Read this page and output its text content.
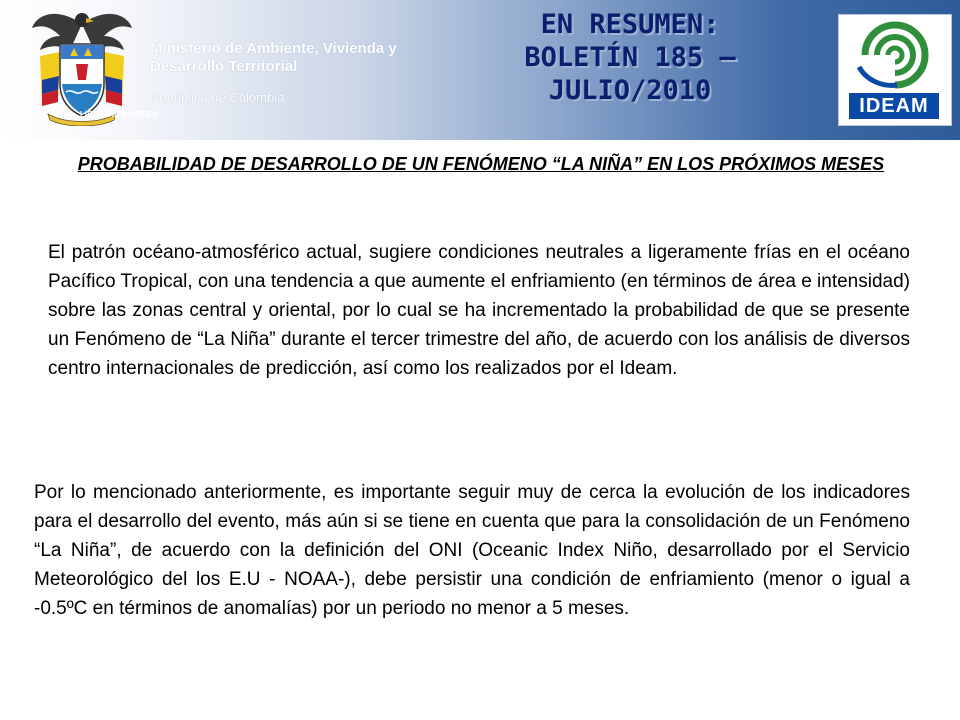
LIBERTAD Y ORDEN
Ministerio de Ambiente, Vivienda y Desarrollo Territorial
República de Colombia
EN RESUMEN:
BOLETÍN 185 –
JULIO/2010	IDEAM
PROBABILIDAD DE DESARROLLO DE UN FENÓMENO “LA NIÑA” EN LOS PRÓXIMOS MESES
El patrón océano-atmosférico actual, sugiere condiciones neutrales a ligeramente frías en el océano Pacífico Tropical, con una tendencia a que aumente el enfriamiento (en términos de área e intensidad) sobre las zonas central y oriental, por lo cual se ha incrementado la probabilidad de que se presente un Fenómeno de “La Niña” durante el tercer trimestre del año, de acuerdo con los análisis de diversos centro internacionales de predicción, así como los realizados por el Ideam.
Por lo mencionado anteriormente, es importante seguir muy de cerca la evolución de los indicadores para el desarrollo del evento, más aún si se tiene en cuenta que para la consolidación de un Fenómeno “La Niña”, de acuerdo con la definición del ONI (Oceanic Index Niño, desarrollado por el Servicio Meteorológico del los E.U - NOAA-), debe persistir una condición de enfriamiento (menor o igual a -0.5ºC en términos de anomalías) por un periodo no menor a 5 meses.
